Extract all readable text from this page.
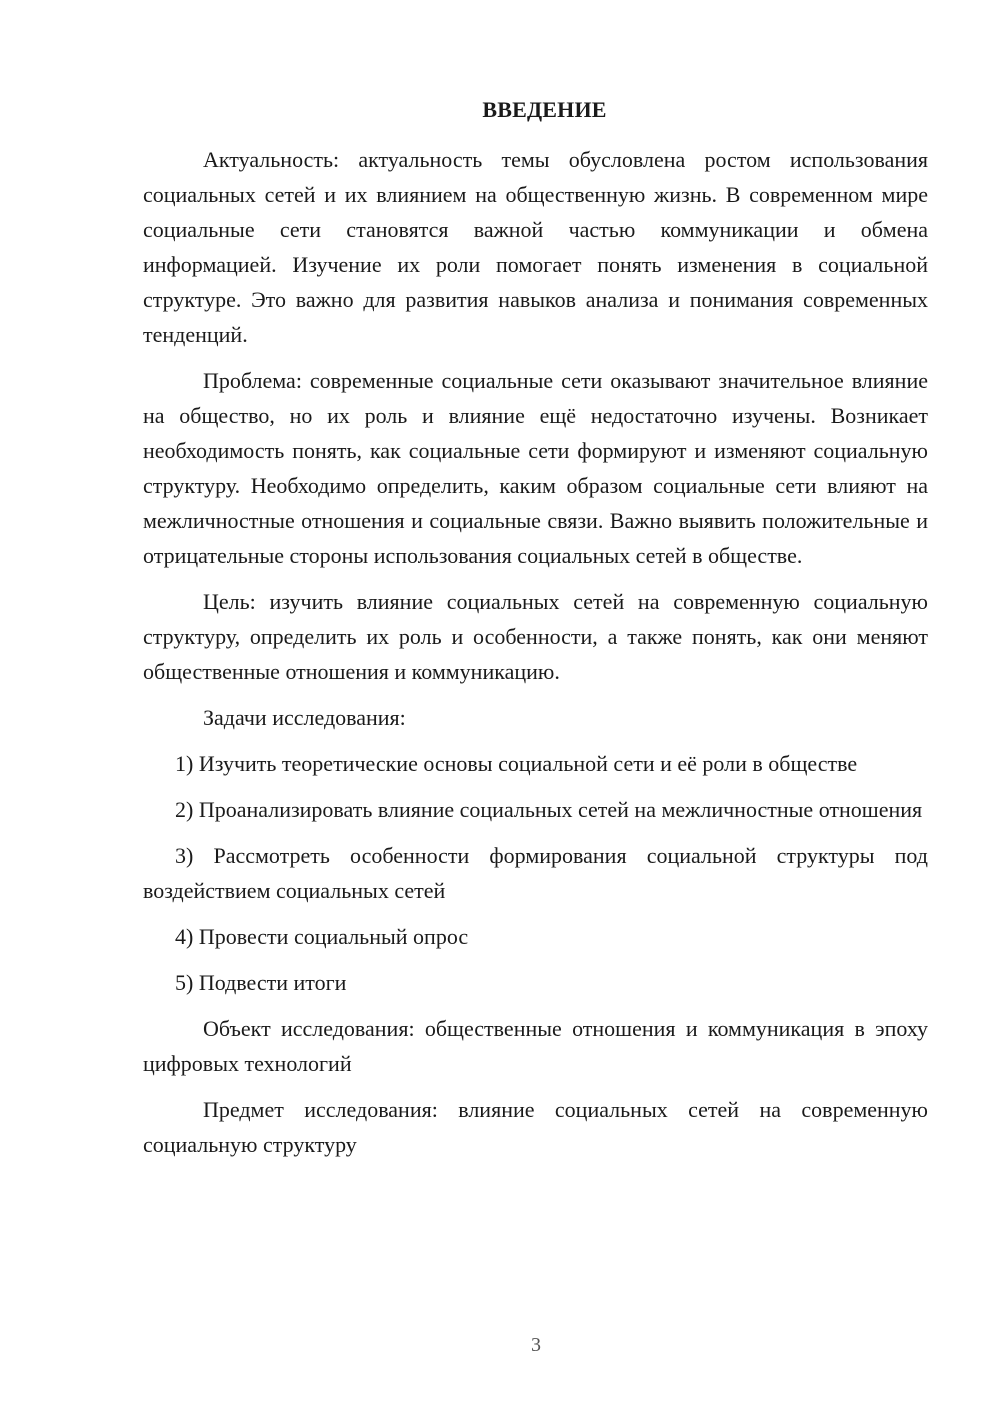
ВВЕДЕНИЕ

Актуальность: актуальность темы обусловлена ростом использования социальных сетей и их влиянием на общественную жизнь. В современном мире социальные сети становятся важной частью коммуникации и обмена информацией. Изучение их роли помогает понять изменения в социальной структуре. Это важно для развития навыков анализа и понимания современных тенденций.

Проблема: современные социальные сети оказывают значительное влияние на общество, но их роль и влияние ещё недостаточно изучены. Возникает необходимость понять, как социальные сети формируют и изменяют социальную структуру. Необходимо определить, каким образом социальные сети влияют на межличностные отношения и социальные связи. Важно выявить положительные и отрицательные стороны использования социальных сетей в обществе.

Цель: изучить влияние социальных сетей на современную социальную структуру, определить их роль и особенности, а также понять, как они меняют общественные отношения и коммуникацию.

Задачи исследования:

1) Изучить теоретические основы социальной сети и её роли в обществе

2) Проанализировать влияние социальных сетей на межличностные отношения

3) Рассмотреть особенности формирования социальной структуры под воздействием социальных сетей

4) Провести социальный опрос

5) Подвести итоги

Объект исследования: общественные отношения и коммуникация в эпоху цифровых технологий

Предмет исследования: влияние социальных сетей на современную социальную структуру

3
